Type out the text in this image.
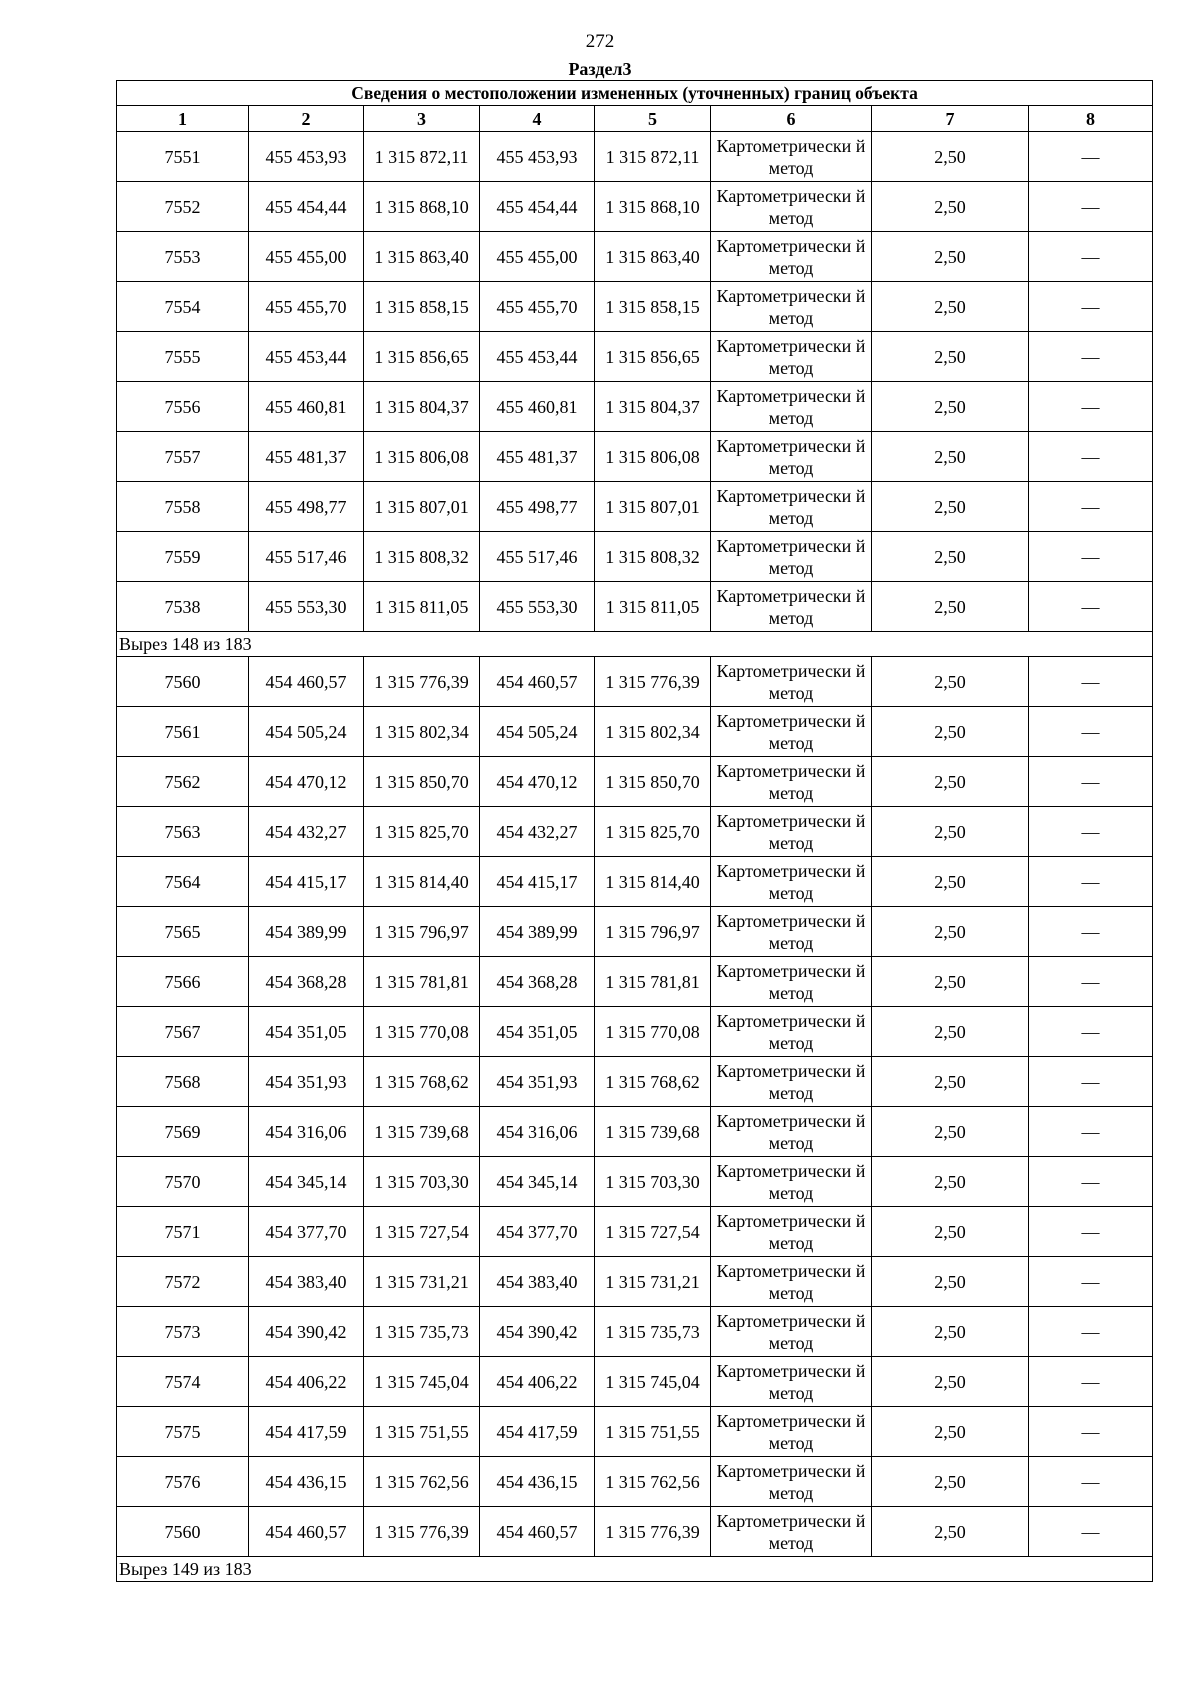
272
Раздел3
Сведения о местоположении измененных (уточненных) границ объекта							
1	2	3	4	5	6	7	8
7551	455 453,93	1 315 872,11	455 453,93	1 315 872,11	Картометрически й метод	2,50	—
7552	455 454,44	1 315 868,10	455 454,44	1 315 868,10	Картометрически й метод	2,50	—
7553	455 455,00	1 315 863,40	455 455,00	1 315 863,40	Картометрически й метод	2,50	—
7554	455 455,70	1 315 858,15	455 455,70	1 315 858,15	Картометрически й метод	2,50	—
7555	455 453,44	1 315 856,65	455 453,44	1 315 856,65	Картометрически й метод	2,50	—
7556	455 460,81	1 315 804,37	455 460,81	1 315 804,37	Картометрически й метод	2,50	—
7557	455 481,37	1 315 806,08	455 481,37	1 315 806,08	Картометрически й метод	2,50	—
7558	455 498,77	1 315 807,01	455 498,77	1 315 807,01	Картометрически й метод	2,50	—
7559	455 517,46	1 315 808,32	455 517,46	1 315 808,32	Картометрически й метод	2,50	—
7538	455 553,30	1 315 811,05	455 553,30	1 315 811,05	Картометрически й метод	2,50	—
Вырез 148 из 183							
7560	454 460,57	1 315 776,39	454 460,57	1 315 776,39	Картометрически й метод	2,50	—
7561	454 505,24	1 315 802,34	454 505,24	1 315 802,34	Картометрически й метод	2,50	—
7562	454 470,12	1 315 850,70	454 470,12	1 315 850,70	Картометрически й метод	2,50	—
7563	454 432,27	1 315 825,70	454 432,27	1 315 825,70	Картометрически й метод	2,50	—
7564	454 415,17	1 315 814,40	454 415,17	1 315 814,40	Картометрически й метод	2,50	—
7565	454 389,99	1 315 796,97	454 389,99	1 315 796,97	Картометрически й метод	2,50	—
7566	454 368,28	1 315 781,81	454 368,28	1 315 781,81	Картометрически й метод	2,50	—
7567	454 351,05	1 315 770,08	454 351,05	1 315 770,08	Картометрически й метод	2,50	—
7568	454 351,93	1 315 768,62	454 351,93	1 315 768,62	Картометрически й метод	2,50	—
7569	454 316,06	1 315 739,68	454 316,06	1 315 739,68	Картометрически й метод	2,50	—
7570	454 345,14	1 315 703,30	454 345,14	1 315 703,30	Картометрически й метод	2,50	—
7571	454 377,70	1 315 727,54	454 377,70	1 315 727,54	Картометрически й метод	2,50	—
7572	454 383,40	1 315 731,21	454 383,40	1 315 731,21	Картометрически й метод	2,50	—
7573	454 390,42	1 315 735,73	454 390,42	1 315 735,73	Картометрически й метод	2,50	—
7574	454 406,22	1 315 745,04	454 406,22	1 315 745,04	Картометрически й метод	2,50	—
7575	454 417,59	1 315 751,55	454 417,59	1 315 751,55	Картометрически й метод	2,50	—
7576	454 436,15	1 315 762,56	454 436,15	1 315 762,56	Картометрически й метод	2,50	—
7560	454 460,57	1 315 776,39	454 460,57	1 315 776,39	Картометрически й метод	2,50	—
Вырез 149 из 183							
